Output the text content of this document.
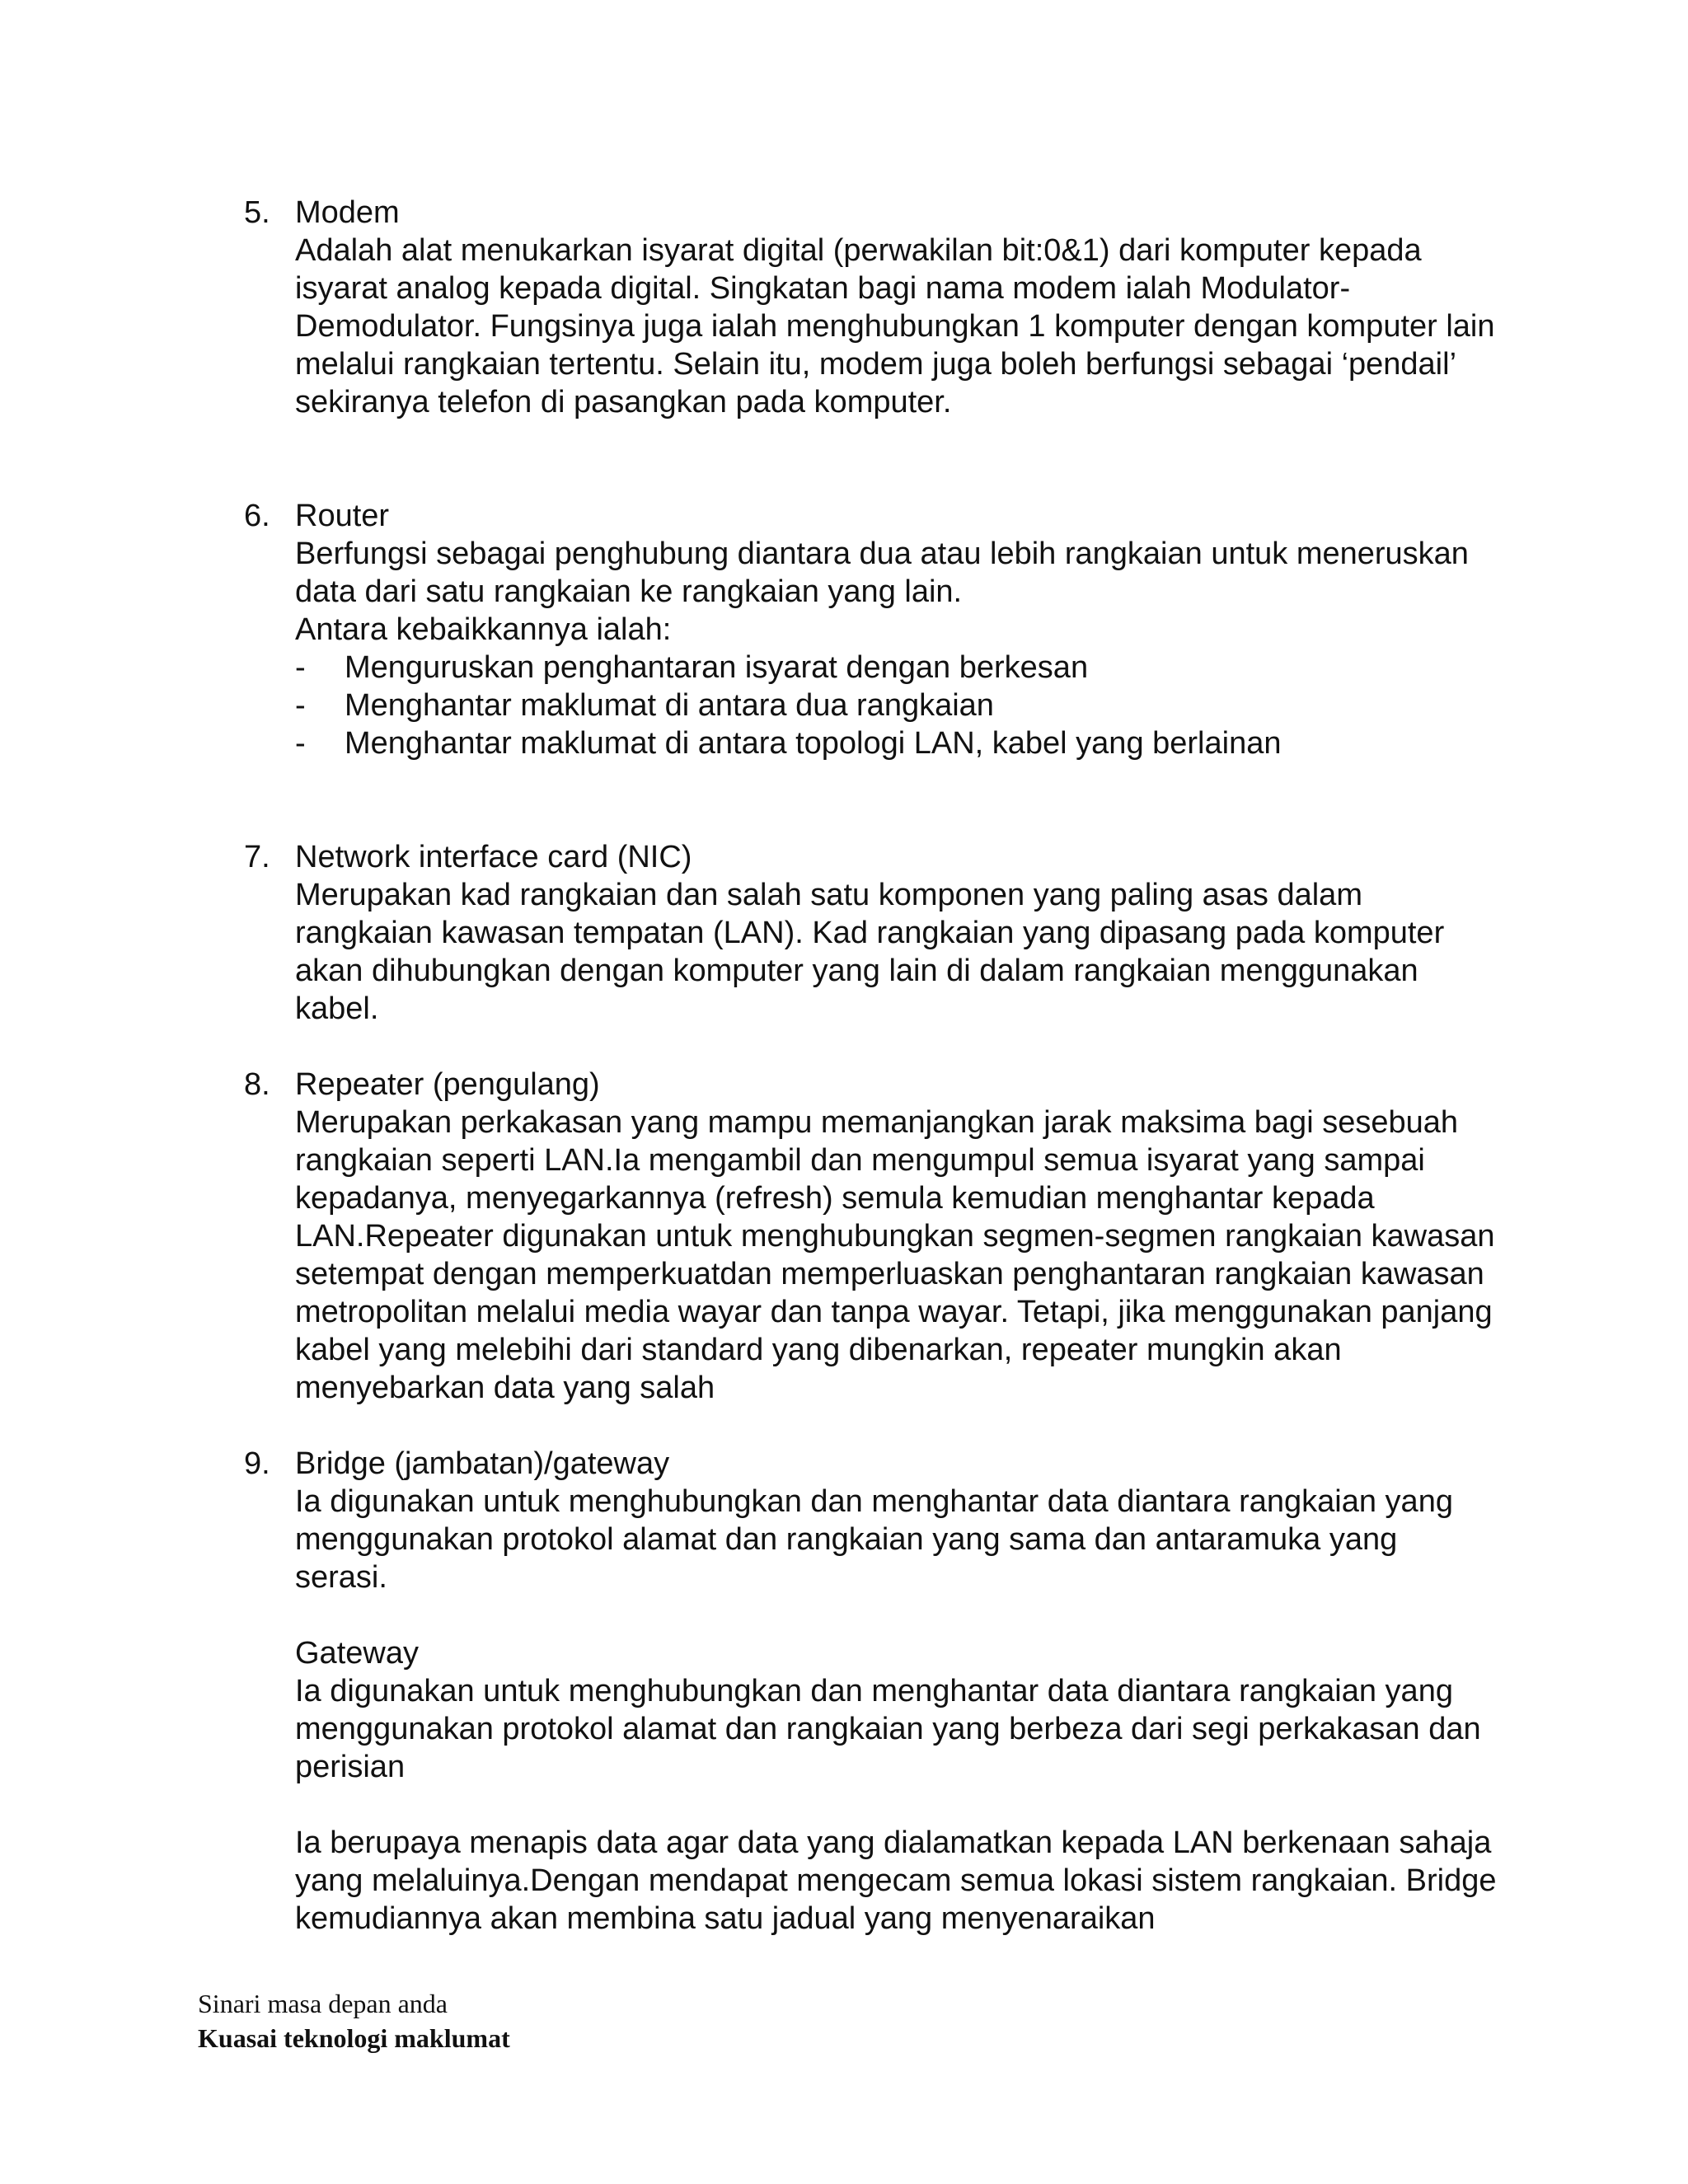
5. Modem

Adalah alat menukarkan isyarat digital (perwakilan bit:0&1) dari komputer kepada isyarat analog kepada digital. Singkatan bagi nama modem ialah Modulator-Demodulator. Fungsinya juga ialah menghubungkan 1 komputer dengan komputer lain melalui rangkaian tertentu. Selain itu, modem juga boleh berfungsi sebagai ‘pendail’ sekiranya telefon di pasangkan pada komputer.

6. Router

Berfungsi sebagai penghubung diantara dua atau lebih rangkaian untuk meneruskan data dari satu rangkaian ke rangkaian yang lain.

Antara kebaikkannya ialah:
- Menguruskan penghantaran isyarat dengan berkesan
- Menghantar maklumat di antara dua rangkaian
- Menghantar maklumat di antara topologi LAN, kabel yang berlainan
7. Network interface card (NIC)

Merupakan kad rangkaian dan salah satu komponen yang paling asas dalam rangkaian kawasan tempatan (LAN). Kad rangkaian yang dipasang pada komputer akan dihubungkan dengan komputer yang lain di dalam rangkaian menggunakan kabel.

8. Repeater (pengulang)

Merupakan perkakasan yang mampu memanjangkan jarak maksima bagi sesebuah rangkaian seperti LAN.Ia mengambil dan mengumpul semua isyarat yang sampai kepadanya, menyegarkannya (refresh) semula kemudian menghantar kepada LAN.Repeater digunakan untuk menghubungkan segmen-segmen rangkaian kawasan setempat dengan memperkuatdan memperluaskan penghantaran rangkaian kawasan metropolitan melalui media wayar dan tanpa wayar. Tetapi, jika menggunakan panjang kabel yang melebihi dari standard yang dibenarkan, repeater mungkin akan menyebarkan data yang salah

9. Bridge (jambatan)/gateway

Ia digunakan untuk menghubungkan dan menghantar data diantara rangkaian yang menggunakan protokol alamat dan rangkaian yang sama dan antaramuka yang serasi.

Gateway

Ia digunakan untuk menghubungkan dan menghantar data diantara rangkaian yang menggunakan protokol alamat dan rangkaian yang berbeza dari segi perkakasan dan perisian

Ia berupaya menapis data agar data yang dialamatkan kepada LAN berkenaan sahaja yang melaluinya.Dengan mendapat mengecam semua lokasi sistem rangkaian. Bridge kemudiannya akan membina satu jadual yang menyenaraikan

Sinari masa depan anda
Kuasai teknologi maklumat
